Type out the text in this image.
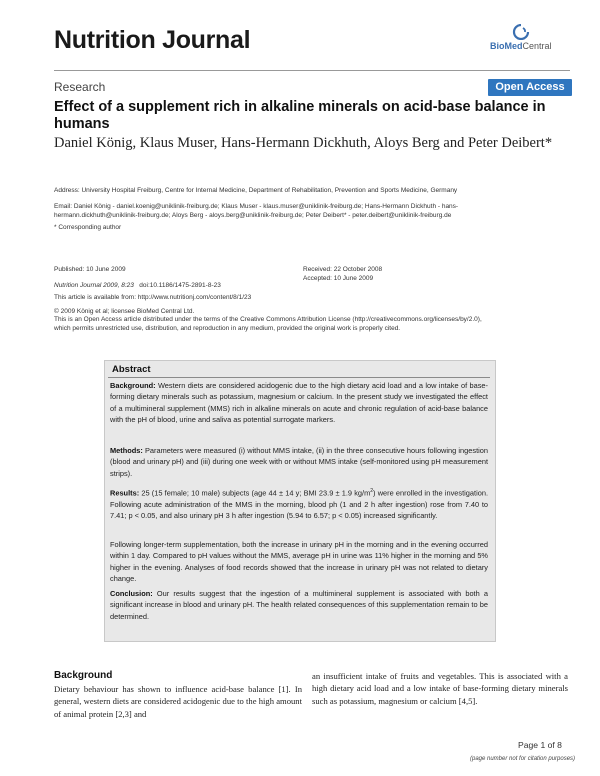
Nutrition Journal	BioMedCentral
Research	Open Access
Effect of a supplement rich in alkaline minerals on acid-base balance in humans
Daniel König, Klaus Muser, Hans-Hermann Dickhuth, Aloys Berg and Peter Deibert*
Address: University Hospital Freiburg, Centre for Internal Medicine, Department of Rehabilitation, Prevention and Sports Medicine, Germany
Email: Daniel König - daniel.koenig@uniklinik-freiburg.de; Klaus Muser - klaus.muser@uniklinik-freiburg.de; Hans-Hermann Dickhuth - hans-
hermann.dickhuth@uniklinik-freiburg.de; Aloys Berg - aloys.berg@uniklinik-freiburg.de; Peter Deibert* - peter.deibert@uniklinik-freiburg.de
* Corresponding author
Published: 10 June 2009	Received: 22 October 2008
Accepted: 10 June 2009
Nutrition Journal 2009, 8:23 doi:10.1186/1475-2891-8-23
This article is available from: http://www.nutritionj.com/content/8/1/23
© 2009 König et al; licensee BioMed Central Ltd.
This is an Open Access article distributed under the terms of the Creative Commons Attribution License (http://creativecommons.org/licenses/by/2.0),
which permits unrestricted use, distribution, and reproduction in any medium, provided the original work is properly cited.
Abstract
Background: Western diets are considered acidogenic due to the high dietary acid load and a low intake of base-forming dietary minerals such as potassium, magnesium or calcium. In the present study we investigated the effect of a multimineral supplement (MMS) rich in alkaline minerals on acute and chronic regulation of acid-base balance with the pH of blood, urine and saliva as potential surrogate markers.
Methods: Parameters were measured (i) without MMS intake, (ii) in the three consecutive hours following ingestion (blood and urinary pH) and (iii) during one week with or without MMS intake (self-monitored using pH measurement strips).
Results: 25 (15 female; 10 male) subjects (age 44 ± 14 y; BMI 23.9 ± 1.9 $kg/m^2$) were enrolled in the investigation. Following acute administration of the MMS in the morning, blood ph (1 and 2 h after ingestion) rose from 7.40 to 7.41; p < 0.05, and also urinary pH 3 h after ingestion (5.94 to 6.57; p < 0.05) increased significantly.
Following longer-term supplementation, both the increase in urinary pH in the morning and in the evening occurred within 1 day. Compared to pH values without the MMS, average pH in urine was 11% higher in the morning and 5% higher in the evening. Analyses of food records showed that the increase in urinary pH was not related to dietary change.
Conclusion: Our results suggest that the ingestion of a multimineral supplement is associated with both a significant increase in blood and urinary pH. The health related consequences of this supplementation remain to be determined.
Background
Dietary behaviour has shown to influence acid-base balance [1]. In general, western diets are considered acidogenic due to the high amount of animal protein [2,3] and
an insufficient intake of fruits and vegetables. This is associated with a high dietary acid load and a low intake of base-forming dietary minerals such as potassium, magnesium or calcium [4,5].
Page 1 of 8
(page number not for citation purposes)
